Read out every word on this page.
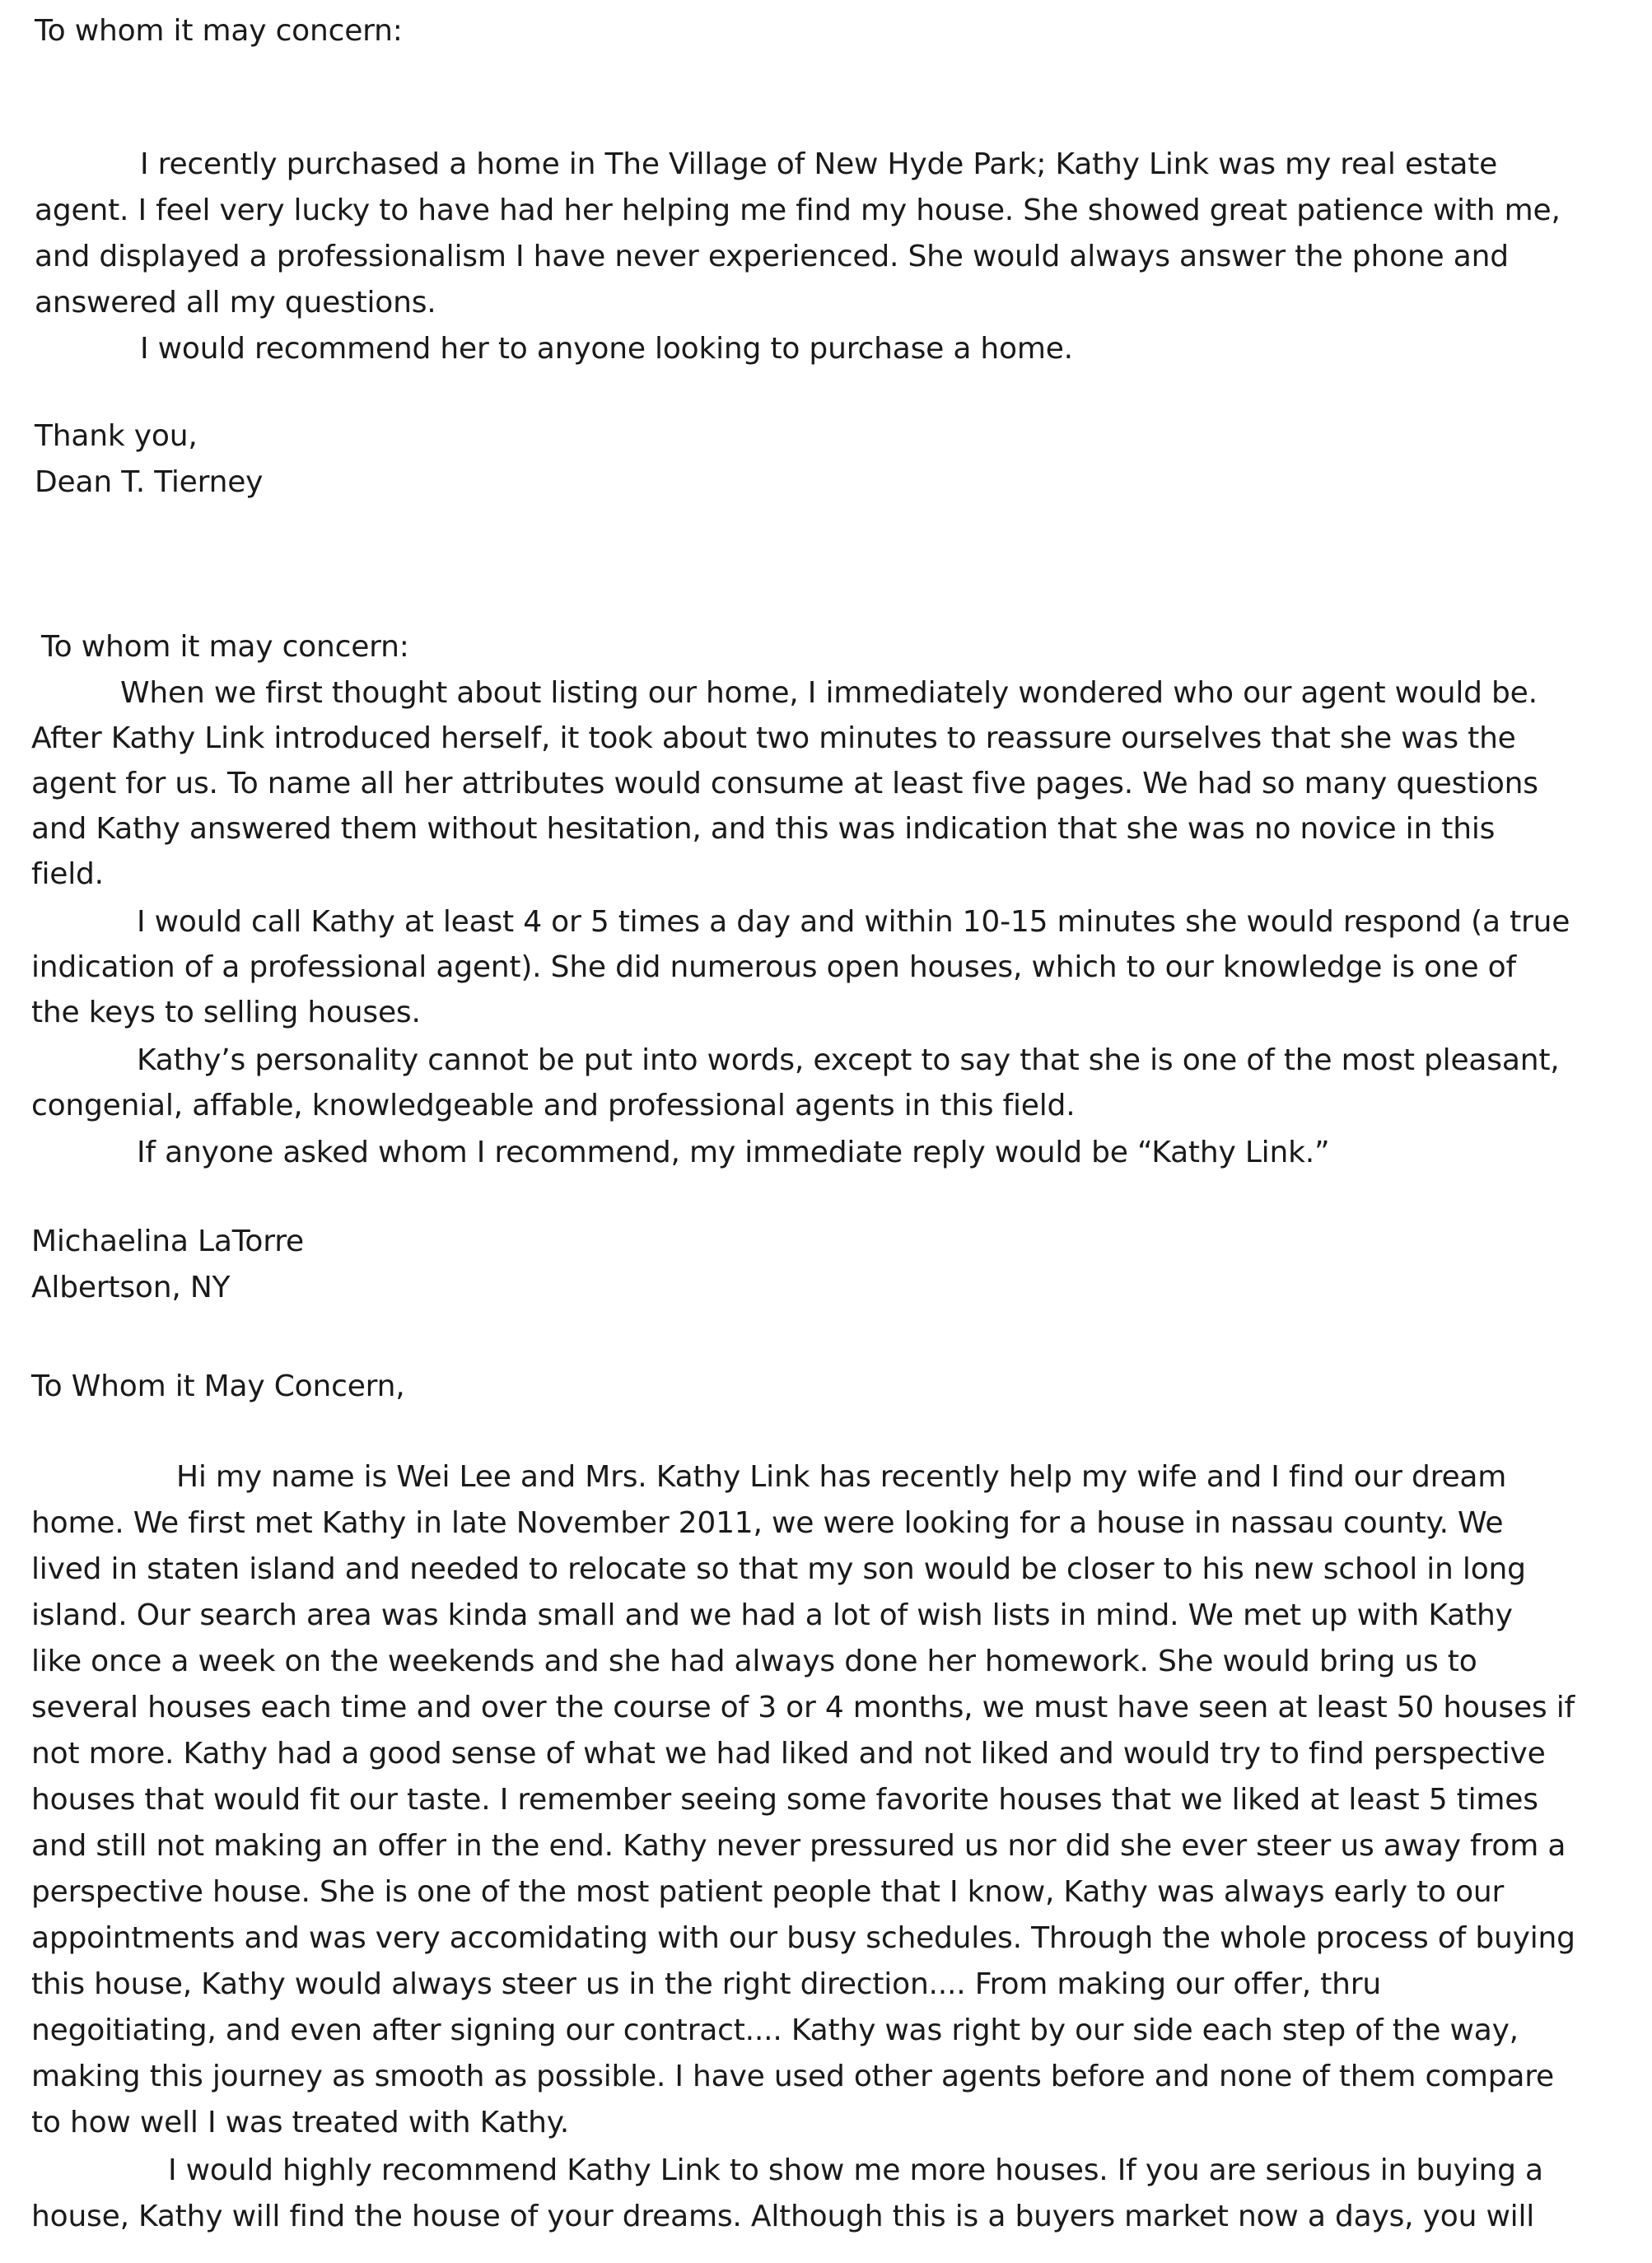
To whom it may concern:
I recently purchased a home in The Village of New Hyde Park; Kathy Link was my real estate
agent. I feel very lucky to have had her helping me find my house. She showed great patience with me,
and displayed a professionalism I have never experienced. She would always answer the phone and
answered all my questions.
I would recommend her to anyone looking to purchase a home.
Thank you,
Dean T. Tierney
To whom it may concern:
When we first thought about listing our home, I immediately wondered who our agent would be.
After Kathy Link introduced herself, it took about two minutes to reassure ourselves that she was the
agent for us. To name all her attributes would consume at least five pages. We had so many questions
and Kathy answered them without hesitation, and this was indication that she was no novice in this
field.
I would call Kathy at least 4 or 5 times a day and within 10-15 minutes she would respond (a true
indication of a professional agent). She did numerous open houses, which to our knowledge is one of
the keys to selling houses.
Kathy’s personality cannot be put into words, except to say that she is one of the most pleasant,
congenial, affable, knowledgeable and professional agents in this field.
If anyone asked whom I recommend, my immediate reply would be “Kathy Link.”
Michaelina LaTorre
Albertson, NY
To Whom it May Concern,
Hi my name is Wei Lee and Mrs. Kathy Link has recently help my wife and I find our dream
home. We first met Kathy in late November 2011, we were looking for a house in nassau county. We
lived in staten island and needed to relocate so that my son would be closer to his new school in long
island. Our search area was kinda small and we had a lot of wish lists in mind. We met up with Kathy
like once a week on the weekends and she had always done her homework. She would bring us to
several houses each time and over the course of 3 or 4 months, we must have seen at least 50 houses if
not more. Kathy had a good sense of what we had liked and not liked and would try to find perspective
houses that would fit our taste. I remember seeing some favorite houses that we liked at least 5 times
and still not making an offer in the end. Kathy never pressured us nor did she ever steer us away from a
perspective house. She is one of the most patient people that I know, Kathy was always early to our
appointments and was very accomidating with our busy schedules. Through the whole process of buying
this house, Kathy would always steer us in the right direction.... From making our offer, thru
negoitiating, and even after signing our contract.... Kathy was right by our side each step of the way,
making this journey as smooth as possible. I have used other agents before and none of them compare
to how well I was treated with Kathy.
I would highly recommend Kathy Link to show me more houses. If you are serious in buying a
house, Kathy will find the house of your dreams. Although this is a buyers market now a days, you will
